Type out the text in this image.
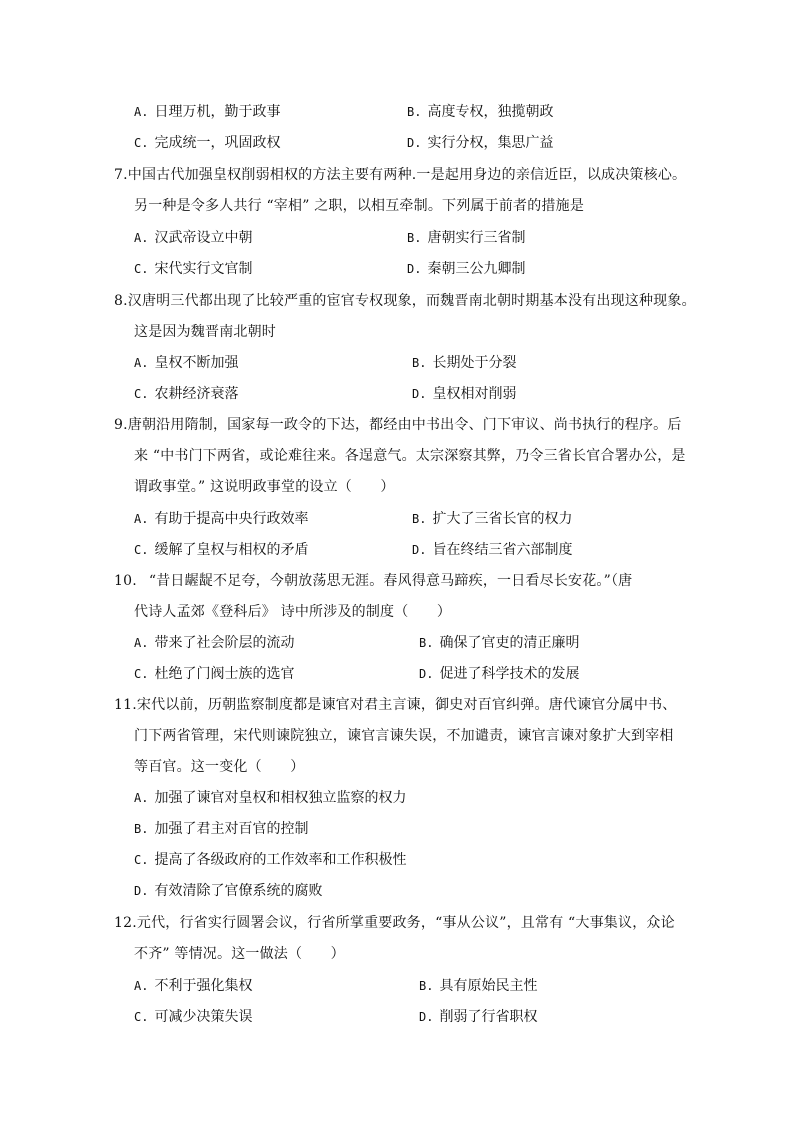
A. 日理万机，勤于政事	B. 高度专权，独揽朝政
C. 完成统一，巩固政权	D. 实行分权，集思广益
7.中国古代加强皇权削弱相权的方法主要有两种.一是起用身边的亲信近臣，以成决策核心。
另一种是令多人共行 “宰相” 之职，以相互牵制。下列属于前者的措施是
A. 汉武帝设立中朝	B. 唐朝实行三省制
C. 宋代实行文官制	D. 秦朝三公九卿制
8.汉唐明三代都出现了比较严重的宦官专权现象，而魏晋南北朝时期基本没有出现这种现象。
这是因为魏晋南北朝时
A. 皇权不断加强	B. 长期处于分裂
C. 农耕经济衰落	D. 皇权相对削弱
9.唐朝沿用隋制，国家每一政令的下达，都经由中书出令、门下审议、尚书执行的程序。后
来 “中书门下两省，或论难往来。各逞意气。太宗深察其弊，乃令三省长官合署办公，是
谓政事堂。” 这说明政事堂的设立（　　）
A. 有助于提高中央行政效率	B. 扩大了三省长官的权力
C. 缓解了皇权与相权的矛盾	D. 旨在终结三省六部制度
10. “昔日龌龊不足夸，今朝放荡思无涯。春风得意马蹄疾，一日看尽长安花。”（唐
代诗人孟郊《登科后》 诗中所涉及的制度（　　）
A. 带来了社会阶层的流动	B. 确保了官吏的清正廉明
C. 杜绝了门阀士族的选官	D. 促进了科学技术的发展
11.宋代以前，历朝监察制度都是谏官对君主言谏，御史对百官纠弹。唐代谏官分属中书、
门下两省管理，宋代则谏院独立，谏官言谏失误，不加谴责，谏官言谏对象扩大到宰相
等百官。这一变化（　　）
A. 加强了谏官对皇权和相权独立监察的权力
B. 加强了君主对百官的控制
C. 提高了各级政府的工作效率和工作积极性
D. 有效清除了官僚系统的腐败
12.元代，行省实行圆署会议，行省所掌重要政务，“事从公议”，且常有 “大事集议，众论
不齐” 等情况。这一做法（　　）
A. 不利于强化集权	B. 具有原始民主性
C. 可减少决策失误	D. 削弱了行省职权
